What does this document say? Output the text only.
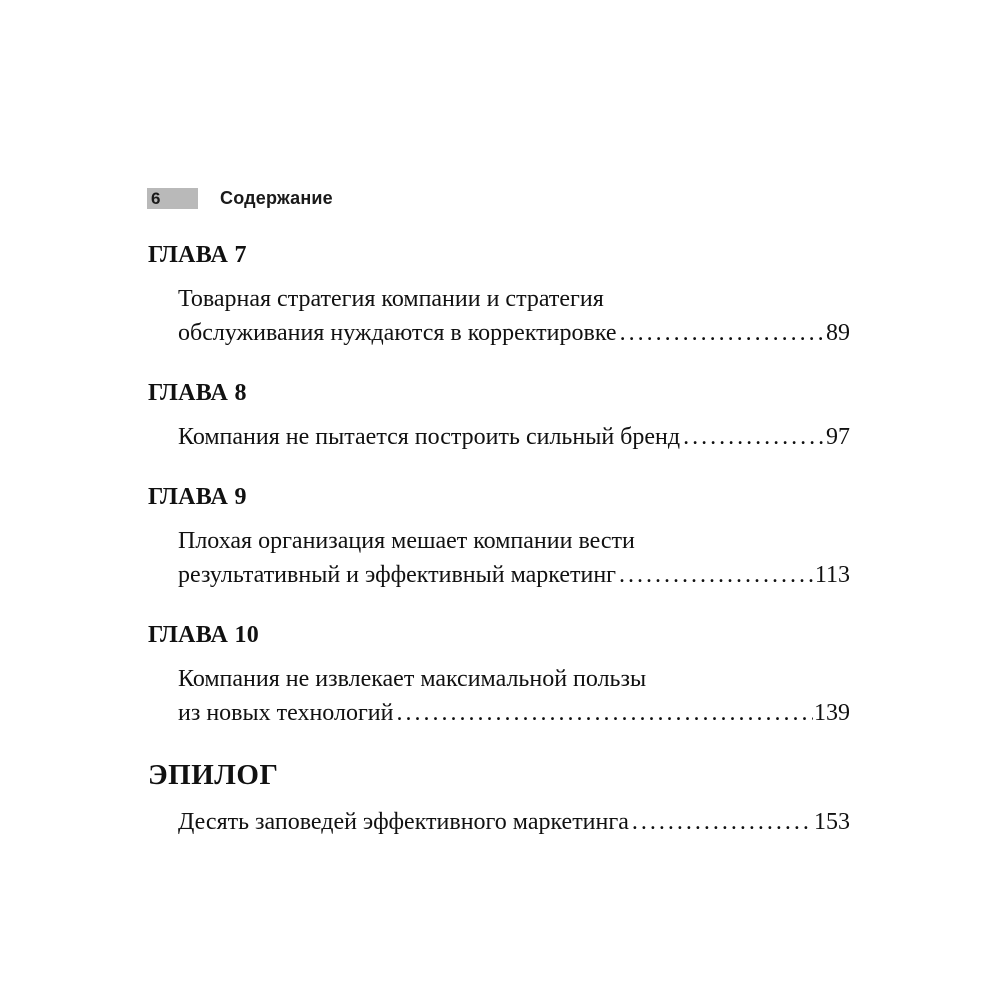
6	Содержание
ГЛАВА 7
Товарная стратегия компании и стратегия
обслуживания нуждаются в корректировке .....	89
ГЛАВА 8
Компания не пытается построить сильный бренд .....	97
ГЛАВА 9
Плохая организация мешает компании вести
результативный и эффективный маркетинг .....	113
ГЛАВА 10
Компания не извлекает максимальной пользы
из новых технологий .....	139
ЭПИЛОГ
Десять заповедей эффективного маркетинга .....	153
